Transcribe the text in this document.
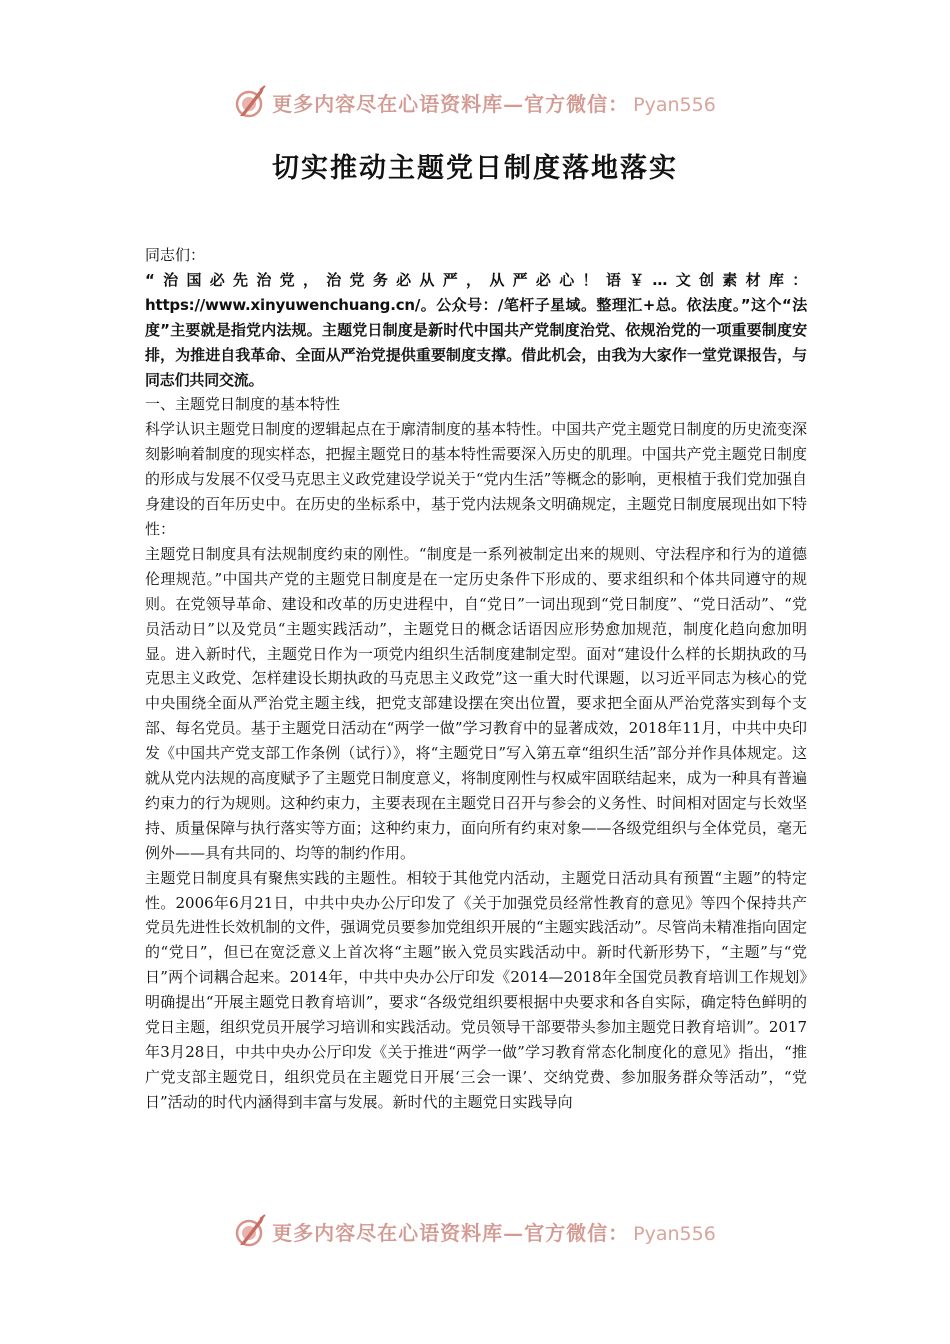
更多内容尽在心语资料库—官方微信： Pyan556
切实推动主题党日制度落地落实

同志们：

“治国必先治党，治党务必从严，从严必心！语￥…文创素材库：https://www.xinyuwenchuang.cn/。公众号：/笔杆子星域。整理汇+总。依法度。”这个“法度”主要就是指党内法规。主题党日制度是新时代中国共产党制度治党、依规治党的一项重要制度安排，为推进自我革命、全面从严治党提供重要制度支撑。借此机会，由我为大家作一堂党课报告，与同志们共同交流。

一、主题党日制度的基本特性

科学认识主题党日制度的逻辑起点在于廓清制度的基本特性。中国共产党主题党日制度的历史流变深刻影响着制度的现实样态，把握主题党日的基本特性需要深入历史的肌理。中国共产党主题党日制度的形成与发展不仅受马克思主义政党建设学说关于“党内生活”等概念的影响，更根植于我们党加强自身建设的百年历史中。在历史的坐标系中，基于党内法规条文明确规定，主题党日制度展现出如下特性：

主题党日制度具有法规制度约束的刚性。“制度是一系列被制定出来的规则、守法程序和行为的道德伦理规范。”中国共产党的主题党日制度是在一定历史条件下形成的、要求组织和个体共同遵守的规则。在党领导革命、建设和改革的历史进程中，自“党日”一词出现到“党日制度”、“党日活动”、“党员活动日”以及党员“主题实践活动”，主题党日的概念话语因应形势愈加规范，制度化趋向愈加明显。进入新时代，主题党日作为一项党内组织生活制度建制定型。面对“建设什么样的长期执政的马克思主义政党、怎样建设长期执政的马克思主义政党”这一重大时代课题，以习近平同志为核心的党中央围绕全面从严治党主题主线，把党支部建设摆在突出位置，要求把全面从严治党落实到每个支部、每名党员。基于主题党日活动在“两学一做”学习教育中的显著成效，2018年11月，中共中央印发《中国共产党支部工作条例（试行）》，将“主题党日”写入第五章“组织生活”部分并作具体规定。这就从党内法规的高度赋予了主题党日制度意义，将制度刚性与权威牢固联结起来，成为一种具有普遍约束力的行为规则。这种约束力，主要表现在主题党日召开与参会的义务性、时间相对固定与长效坚持、质量保障与执行落实等方面；这种约束力，面向所有约束对象——各级党组织与全体党员，毫无例外——具有共同的、均等的制约作用。

主题党日制度具有聚焦实践的主题性。相较于其他党内活动，主题党日活动具有预置“主题”的特定性。2006年6月21日，中共中央办公厅印发了《关于加强党员经常性教育的意见》等四个保持共产党员先进性长效机制的文件，强调党员要参加党组织开展的“主题实践活动”。尽管尚未精准指向固定的“党日”，但已在宽泛意义上首次将“主题”嵌入党员实践活动中。新时代新形势下，“主题”与“党日”两个词耦合起来。2014年，中共中央办公厅印发《2014—2018年全国党员教育培训工作规划》明确提出“开展主题党日教育培训”，要求“各级党组织要根据中央要求和各自实际，确定特色鲜明的党日主题，组织党员开展学习培训和实践活动。党员领导干部要带头参加主题党日教育培训”。2017年3月28日，中共中央办公厅印发《关于推进“两学一做”学习教育常态化制度化的意见》指出，“推广党支部主题党日，组织党员在主题党日开展‘三会一课’、交纳党费、参加服务群众等活动”，“党日”活动的时代内涵得到丰富与发展。新时代的主题党日实践导向

更多内容尽在心语资料库—官方微信： Pyan556
